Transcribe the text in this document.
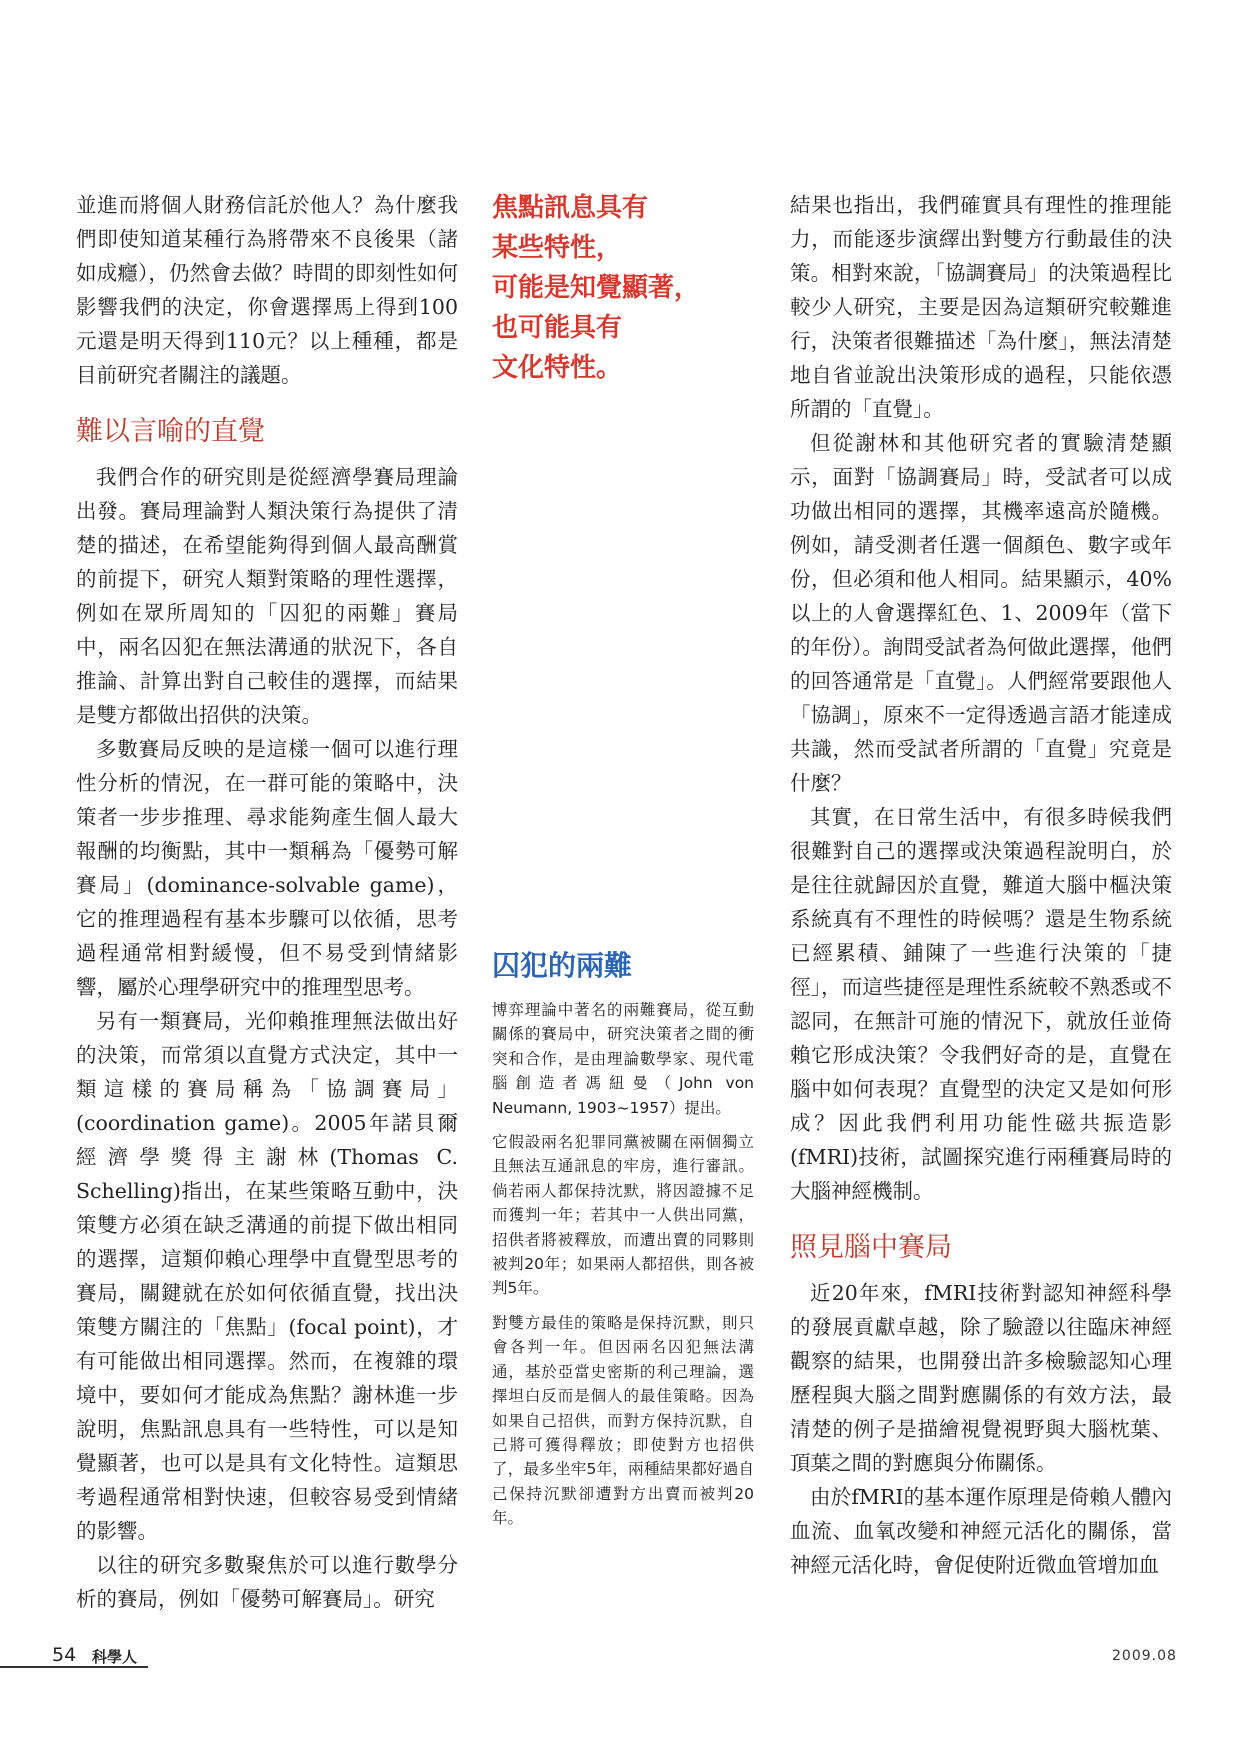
並進而將個人財務信託於他人？為什麼我們即使知道某種行為將帶來不良後果（諸如成癮），仍然會去做？時間的即刻性如何影響我們的決定，你會選擇馬上得到100元還是明天得到110元？以上種種，都是目前研究者關注的議題。

難以言喻的直覺

我們合作的研究則是從經濟學賽局理論出發。賽局理論對人類決策行為提供了清楚的描述，在希望能夠得到個人最高酬賞的前提下，研究人類對策略的理性選擇，例如在眾所周知的「囚犯的兩難」賽局中，兩名囚犯在無法溝通的狀況下，各自推論、計算出對自己較佳的選擇，而結果是雙方都做出招供的決策。

多數賽局反映的是這樣一個可以進行理性分析的情況，在一群可能的策略中，決策者一步步推理、尋求能夠產生個人最大報酬的均衡點，其中一類稱為「優勢可解賽局」(dominance-solvable game)，它的推理過程有基本步驟可以依循，思考過程通常相對緩慢，但不易受到情緒影響，屬於心理學研究中的推理型思考。

另有一類賽局，光仰賴推理無法做出好的決策，而常須以直覺方式決定，其中一類這樣的賽局稱為「協調賽局」(coordination game)。2005年諾貝爾經濟學獎得主謝林(Thomas C. Schelling)指出，在某些策略互動中，決策雙方必須在缺乏溝通的前提下做出相同的選擇，這類仰賴心理學中直覺型思考的賽局，關鍵就在於如何依循直覺，找出決策雙方關注的「焦點」(focal point)，才有可能做出相同選擇。然而，在複雜的環境中，要如何才能成為焦點？謝林進一步說明，焦點訊息具有一些特性，可以是知覺顯著，也可以是具有文化特性。這類思考過程通常相對快速，但較容易受到情緒的影響。

以往的研究多數聚焦於可以進行數學分析的賽局，例如「優勢可解賽局」。研究

焦點訊息具有
某些特性，
可能是知覺顯著，
也可能具有
文化特性。

囚犯的兩難

博弈理論中著名的兩難賽局，從互動關係的賽局中，研究決策者之間的衝突和合作，是由理論數學家、現代電腦創造者馮紐曼（John von Neumann, 1903~1957）提出。

它假設兩名犯罪同黨被關在兩個獨立且無法互通訊息的牢房，進行審訊。倘若兩人都保持沈默，將因證據不足而獲判一年；若其中一人供出同黨，招供者將被釋放，而遭出賣的同夥則被判20年；如果兩人都招供，則各被判5年。

對雙方最佳的策略是保持沉默，則只會各判一年。但因兩名囚犯無法溝通，基於亞當史密斯的利己理論，選擇坦白反而是個人的最佳策略。因為如果自己招供，而對方保持沉默，自己將可獲得釋放；即使對方也招供了，最多坐牢5年，兩種結果都好過自己保持沉默卻遭對方出賣而被判20年。

結果也指出，我們確實具有理性的推理能力，而能逐步演繹出對雙方行動最佳的決策。相對來說，「協調賽局」的決策過程比較少人研究，主要是因為這類研究較難進行，決策者很難描述「為什麼」，無法清楚地自省並說出決策形成的過程，只能依憑所謂的「直覺」。

但從謝林和其他研究者的實驗清楚顯示，面對「協調賽局」時，受試者可以成功做出相同的選擇，其機率遠高於隨機。例如，請受測者任選一個顏色、數字或年份，但必須和他人相同。結果顯示，40%以上的人會選擇紅色、1、2009年（當下的年份）。詢問受試者為何做此選擇，他們的回答通常是「直覺」。人們經常要跟他人「協調」，原來不一定得透過言語才能達成共識，然而受試者所謂的「直覺」究竟是什麼？

其實，在日常生活中，有很多時候我們很難對自己的選擇或決策過程說明白，於是往往就歸因於直覺，難道大腦中樞決策系統真有不理性的時候嗎？還是生物系統已經累積、鋪陳了一些進行決策的「捷徑」，而這些捷徑是理性系統較不熟悉或不認同，在無計可施的情況下，就放任並倚賴它形成決策？令我們好奇的是，直覺在腦中如何表現？直覺型的決定又是如何形成？因此我們利用功能性磁共振造影(fMRI)技術，試圖探究進行兩種賽局時的大腦神經機制。

照見腦中賽局

近20年來，fMRI技術對認知神經科學的發展貢獻卓越，除了驗證以往臨床神經觀察的結果，也開發出許多檢驗認知心理歷程與大腦之間對應關係的有效方法，最清楚的例子是描繪視覺視野與大腦枕葉、頂葉之間的對應與分佈關係。

由於fMRI的基本運作原理是倚賴人體內血流、血氧改變和神經元活化的關係，當神經元活化時，會促使附近微血管增加血

54 科學人	2009.08
